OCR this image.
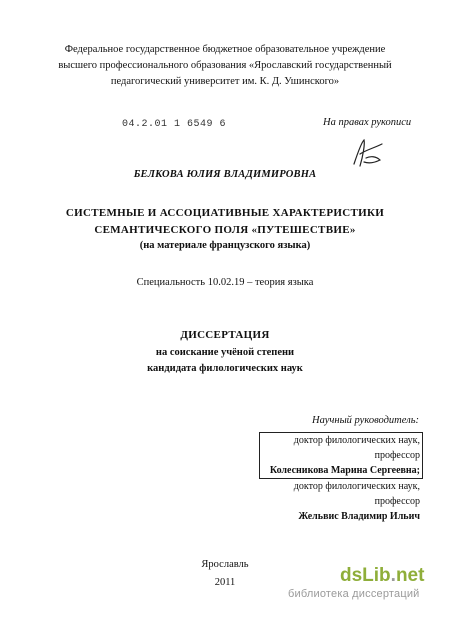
Федеральное государственное бюджетное образовательное учреждение
высшего профессионального образования «Ярославский государственный
педагогический университет им. К. Д. Ушинского»
04.2.01 1 6549 6	На правах рукописи
БЕЛКОВА ЮЛИЯ ВЛАДИМИРОВНА
СИСТЕМНЫЕ И АССОЦИАТИВНЫЕ ХАРАКТЕРИСТИКИ
СЕМАНТИЧЕСКОГО ПОЛЯ «ПУТЕШЕСТВИЕ»
(на материале французского языка)
Специальность 10.02.19 – теория языка
ДИССЕРТАЦИЯ
на соискание учёной степени
кандидата филологических наук
Научный руководитель:
доктор филологических наук,
профессор
Колесникова Марина Сергеевна;
доктор филологических наук,
профессор
Жельвис Владимир Ильич
Ярославль
2011	dsLib.net
библиотека диссертаций
